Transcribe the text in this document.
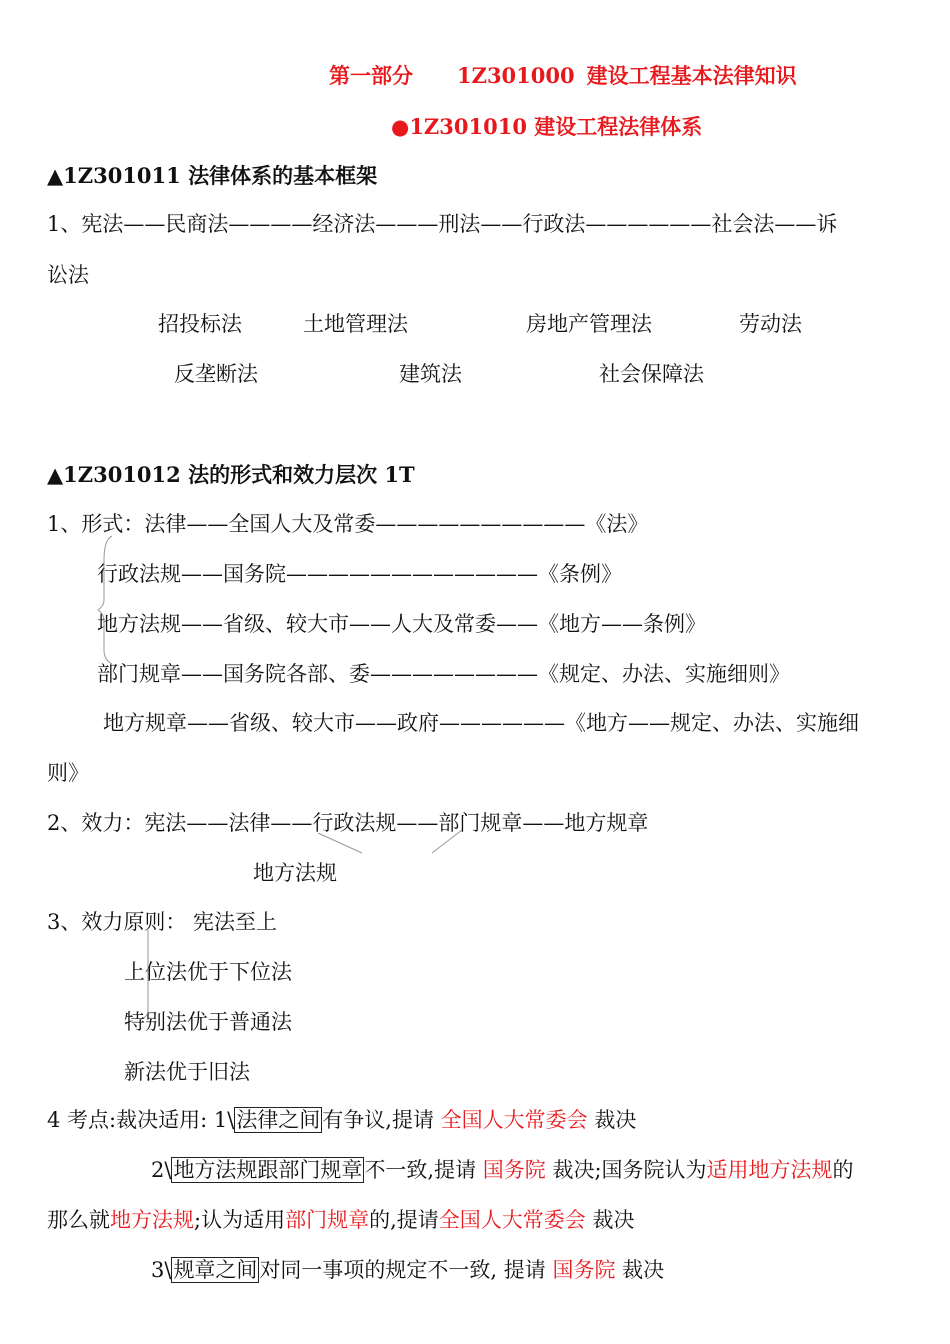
第一部分 1Z301000 建设工程基本法律知识
●1Z301010 建设工程法律体系
▲1Z301011 法律体系的基本框架
1、宪法——民商法————经济法———刑法——行政法——————社会法——诉
讼法
招投标法	土地管理法	房地产管理法	劳动法
反垄断法	建筑法	社会保障法
▲1Z301012 法的形式和效力层次 1T
1、形式：法律——全国人大及常委——————————《法》
行政法规——国务院————————————《条例》
地方法规——省级、较大市——人大及常委——《地方——条例》
部门规章——国务院各部、委————————《规定、办法、实施细则》
地方规章——省级、较大市——政府——————《地方——规定、办法、实施细
则》
2、效力：宪法——法律——行政法规——部门规章——地方规章
地方法规
3、效力原则： 宪法至上
上位法优于下位法
特别法优于普通法
新法优于旧法
4 考点:裁决适用: 1\法律之间有争议,提请 全国人大常委会 裁决
2\地方法规跟部门规章不一致,提请 国务院 裁决;国务院认为适用地方法规的
那么就地方法规;认为适用部门规章的,提请全国人大常委会 裁决
3\规章之间对同一事项的规定不一致, 提请 国务院 裁决
